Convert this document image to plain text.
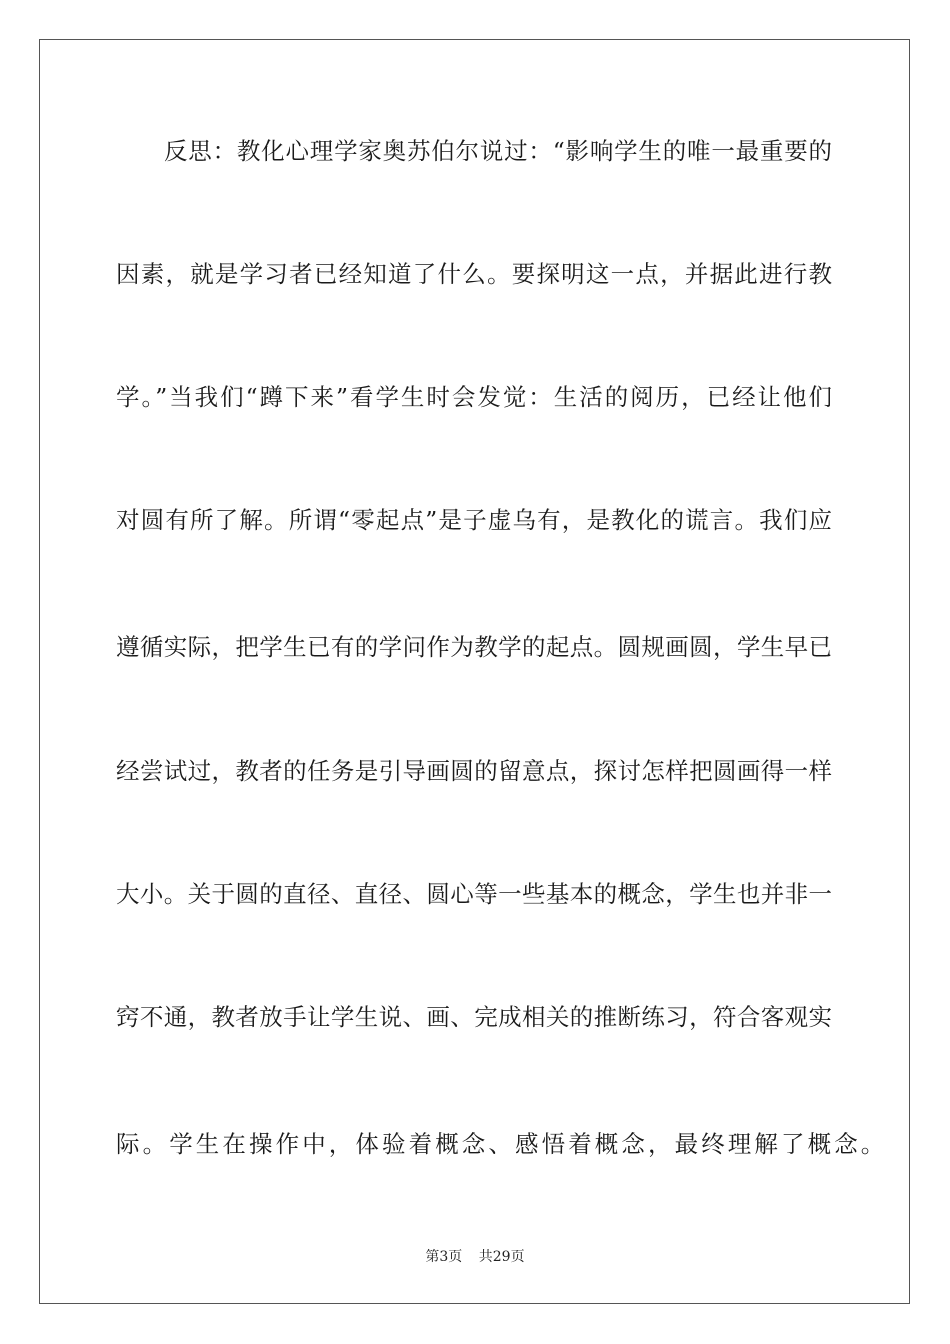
反思：教化心理学家奥苏伯尔说过：“影响学生的唯一最重要的
因素，就是学习者已经知道了什么。要探明这一点，并据此进行教
学。”当我们“蹲下来”看学生时会发觉：生活的阅历，已经让他们
对圆有所了解。所谓“零起点”是子虚乌有，是教化的谎言。我们应
遵循实际，把学生已有的学问作为教学的起点。圆规画圆，学生早已
经尝试过，教者的任务是引导画圆的留意点，探讨怎样把圆画得一样
大小。关于圆的直径、直径、圆心等一些基本的概念，学生也并非一
窍不通，教者放手让学生说、画、完成相关的推断练习，符合客观实
际。学生在操作中，体验着概念、感悟着概念，最终理解了概念。
第3页 共29页
